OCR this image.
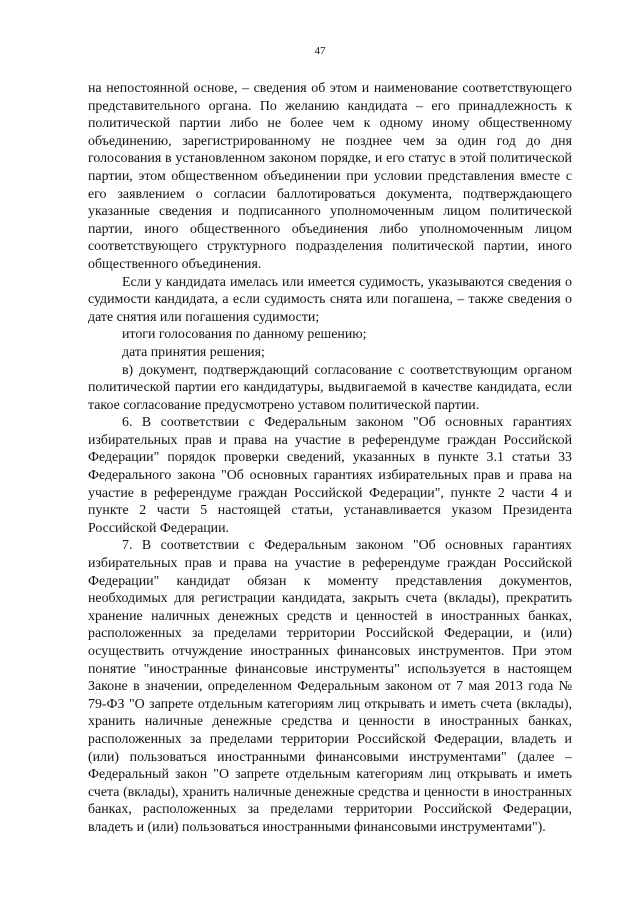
47

на непостоянной основе, – сведения об этом и наименование соответствующего представительного органа. По желанию кандидата – его принадлежность к политической партии либо не более чем к одному иному общественному объединению, зарегистрированному не позднее чем за один год до дня голосования в установленном законом порядке, и его статус в этой политической партии, этом общественном объединении при условии представления вместе с его заявлением о согласии баллотироваться документа, подтверждающего указанные сведения и подписанного уполномоченным лицом политической партии, иного общественного объединения либо уполномоченным лицом соответствующего структурного подразделения политической партии, иного общественного объединения.

Если у кандидата имелась или имеется судимость, указываются сведения о судимости кандидата, а если судимость снята или погашена, – также сведения о дате снятия или погашения судимости;

итоги голосования по данному решению;

дата принятия решения;

в) документ, подтверждающий согласование с соответствующим органом политической партии его кандидатуры, выдвигаемой в качестве кандидата, если такое согласование предусмотрено уставом политической партии.

6. В соответствии с Федеральным законом "Об основных гарантиях избирательных прав и права на участие в референдуме граждан Российской Федерации" порядок проверки сведений, указанных в пункте 3.1 статьи 33 Федерального закона "Об основных гарантиях избирательных прав и права на участие в референдуме граждан Российской Федерации", пункте 2 части 4 и пункте 2 части 5 настоящей статьи, устанавливается указом Президента Российской Федерации.

7. В соответствии с Федеральным законом "Об основных гарантиях избирательных прав и права на участие в референдуме граждан Российской Федерации" кандидат обязан к моменту представления документов, необходимых для регистрации кандидата, закрыть счета (вклады), прекратить хранение наличных денежных средств и ценностей в иностранных банках, расположенных за пределами территории Российской Федерации, и (или) осуществить отчуждение иностранных финансовых инструментов. При этом понятие "иностранные финансовые инструменты" используется в настоящем Законе в значении, определенном Федеральным законом от 7 мая 2013 года № 79-ФЗ "О запрете отдельным категориям лиц открывать и иметь счета (вклады), хранить наличные денежные средства и ценности в иностранных банках, расположенных за пределами территории Российской Федерации, владеть и (или) пользоваться иностранными финансовыми инструментами" (далее – Федеральный закон "О запрете отдельным категориям лиц открывать и иметь счета (вклады), хранить наличные денежные средства и ценности в иностранных банках, расположенных за пределами территории Российской Федерации, владеть и (или) пользоваться иностранными финансовыми инструментами").
